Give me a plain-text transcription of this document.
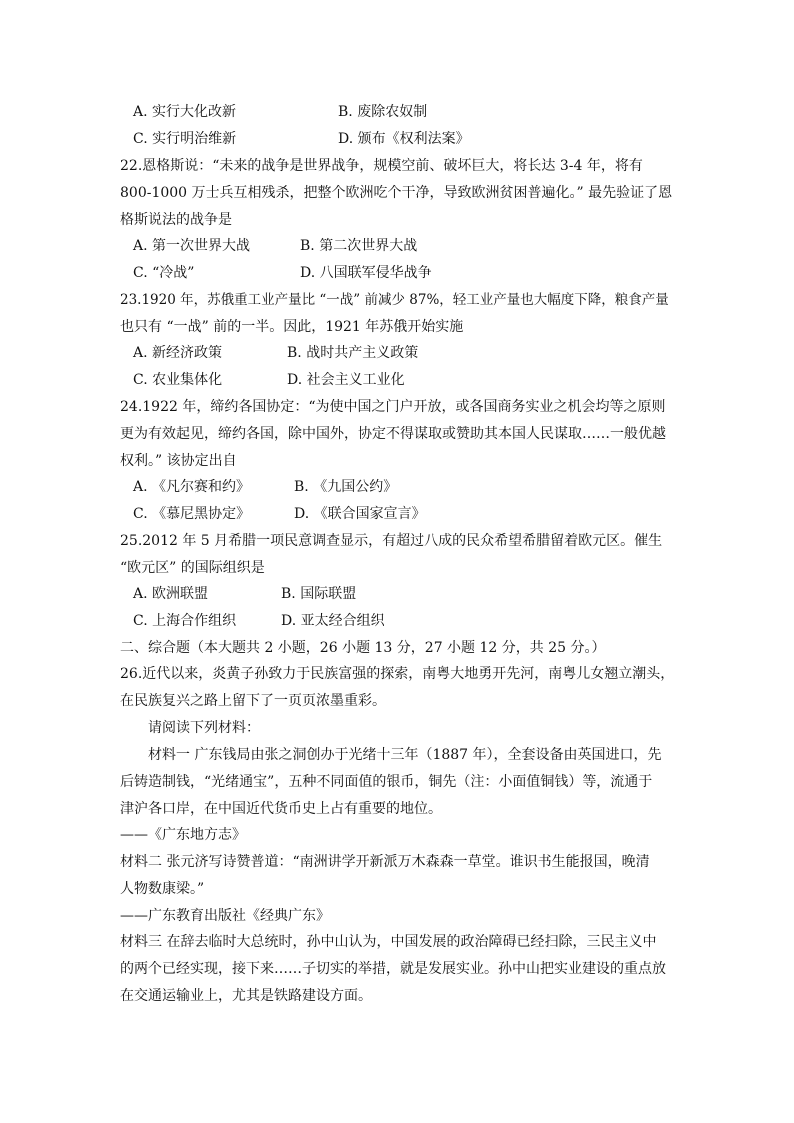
A. 实行大化改新	B. 废除农奴制
C. 实行明治维新	D. 颁布《权利法案》
22.恩格斯说：“未来的战争是世界战争，规模空前、破坏巨大，将长达 3-4 年，将有
800-1000 万士兵互相残杀，把整个欧洲吃个干净，导致欧洲贫困普遍化。” 最先验证了恩
格斯说法的战争是
A. 第一次世界大战	B. 第二次世界大战
C. “冷战”	D. 八国联军侵华战争
23.1920 年，苏俄重工业产量比 “一战” 前减少 87%，轻工业产量也大幅度下降，粮食产量
也只有 “一战” 前的一半。因此，1921 年苏俄开始实施
A. 新经济政策	B. 战时共产主义政策
C. 农业集体化	D. 社会主义工业化
24.1922 年，缔约各国协定：“为使中国之门户开放，或各国商务实业之机会均等之原则
更为有效起见，缔约各国，除中国外，协定不得谋取或赞助其本国人民谋取……一般优越
权利。” 该协定出自
A. 《凡尔赛和约》	B. 《九国公约》
C. 《慕尼黑协定》	D. 《联合国家宣言》
25.2012 年 5 月希腊一项民意调查显示，有超过八成的民众希望希腊留着欧元区。催生
“欧元区” 的国际组织是
A. 欧洲联盟	B. 国际联盟
C. 上海合作组织	D. 亚太经合组织
二、综合题（本大题共 2 小题，26 小题 13 分，27 小题 12 分，共 25 分。）
26.近代以来，炎黄子孙致力于民族富强的探索，南粤大地勇开先河，南粤儿女翘立潮头，
在民族复兴之路上留下了一页页浓墨重彩。
请阅读下列材料：
材料一 广东钱局由张之洞创办于光绪十三年（1887 年），全套设备由英国进口，先
后铸造制钱，“光绪通宝”，五种不同面值的银币，铜先（注：小面值铜钱）等，流通于
津沪各口岸，在中国近代货币史上占有重要的地位。
——《广东地方志》
材料二 张元济写诗赞普道：“南洲讲学开新派万木森森一草堂。谁识书生能报国，晚清
人物数康梁。”
——广东教育出版社《经典广东》
材料三 在辞去临时大总统时，孙中山认为，中国发展的政治障碍已经扫除，三民主义中
的两个已经实现，接下来……子切实的举措，就是发展实业。孙中山把实业建设的重点放
在交通运输业上，尤其是铁路建设方面。
